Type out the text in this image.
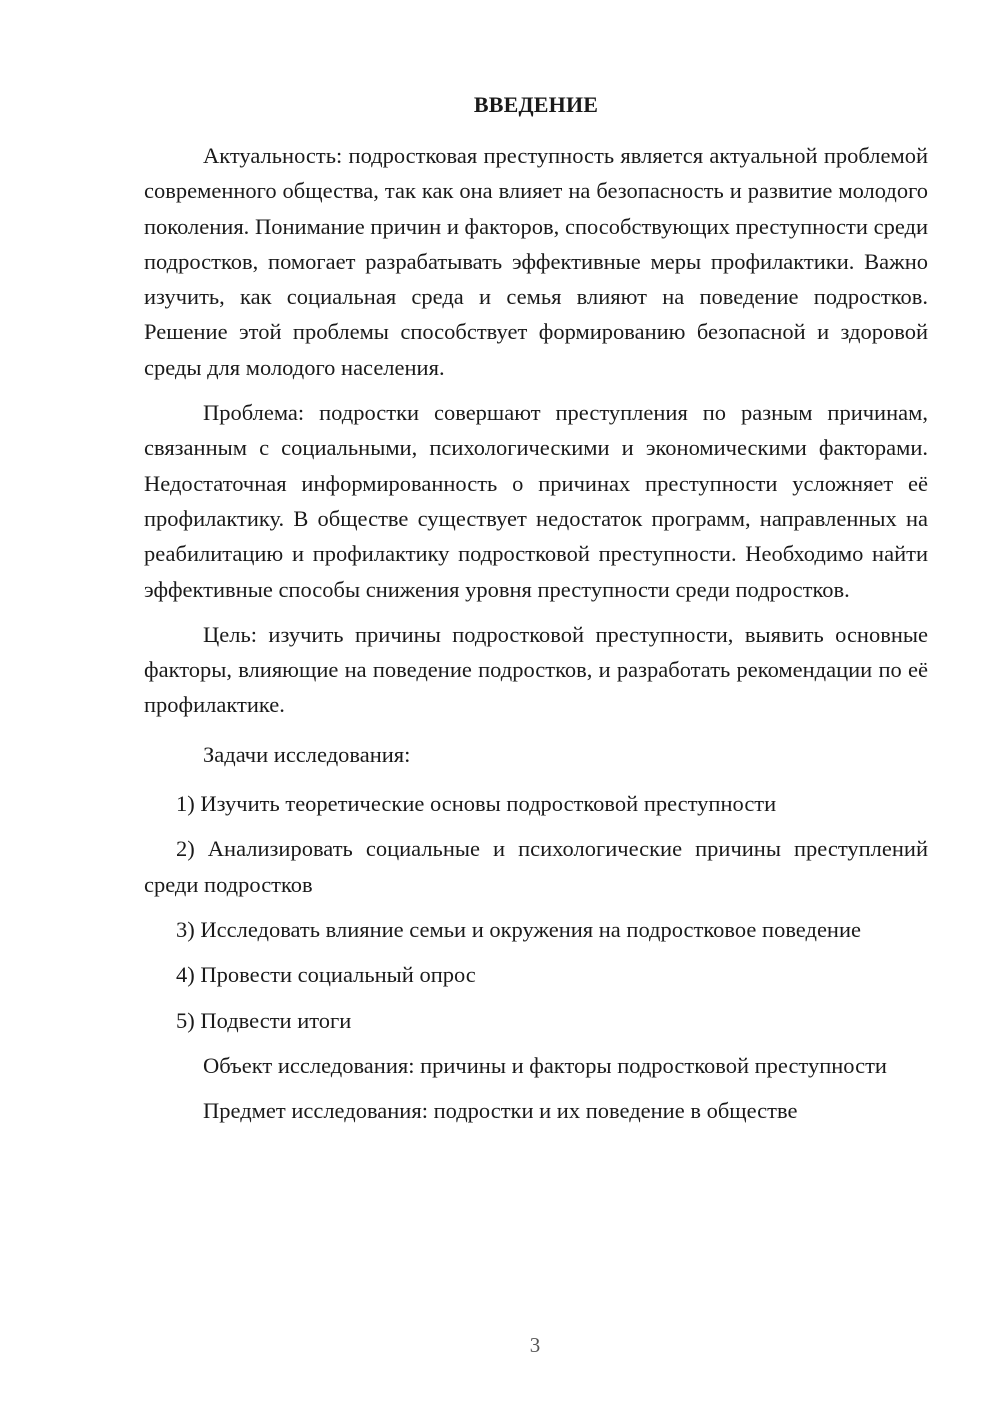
ВВЕДЕНИЕ

Актуальность: подростковая преступность является актуальной проблемой современного общества, так как она влияет на безопасность и развитие молодого поколения. Понимание причин и факторов, способствующих преступности среди подростков, помогает разрабатывать эффективные меры профилактики. Важно изучить, как социальная среда и семья влияют на поведение подростков. Решение этой проблемы способствует формированию безопасной и здоровой среды для молодого населения.

Проблема: подростки совершают преступления по разным причинам, связанным с социальными, психологическими и экономическими факторами. Недостаточная информированность о причинах преступности усложняет её профилактику. В обществе существует недостаток программ, направленных на реабилитацию и профилактику подростковой преступности. Необходимо найти эффективные способы снижения уровня преступности среди подростков.

Цель: изучить причины подростковой преступности, выявить основные факторы, влияющие на поведение подростков, и разработать рекомендации по её профилактике.

Задачи исследования:

1) Изучить теоретические основы подростковой преступности

2) Анализировать социальные и психологические причины преступлений среди подростков

3) Исследовать влияние семьи и окружения на подростковое поведение

4) Провести социальный опрос

5) Подвести итоги

Объект исследования: причины и факторы подростковой преступности

Предмет исследования: подростки и их поведение в обществе

3
